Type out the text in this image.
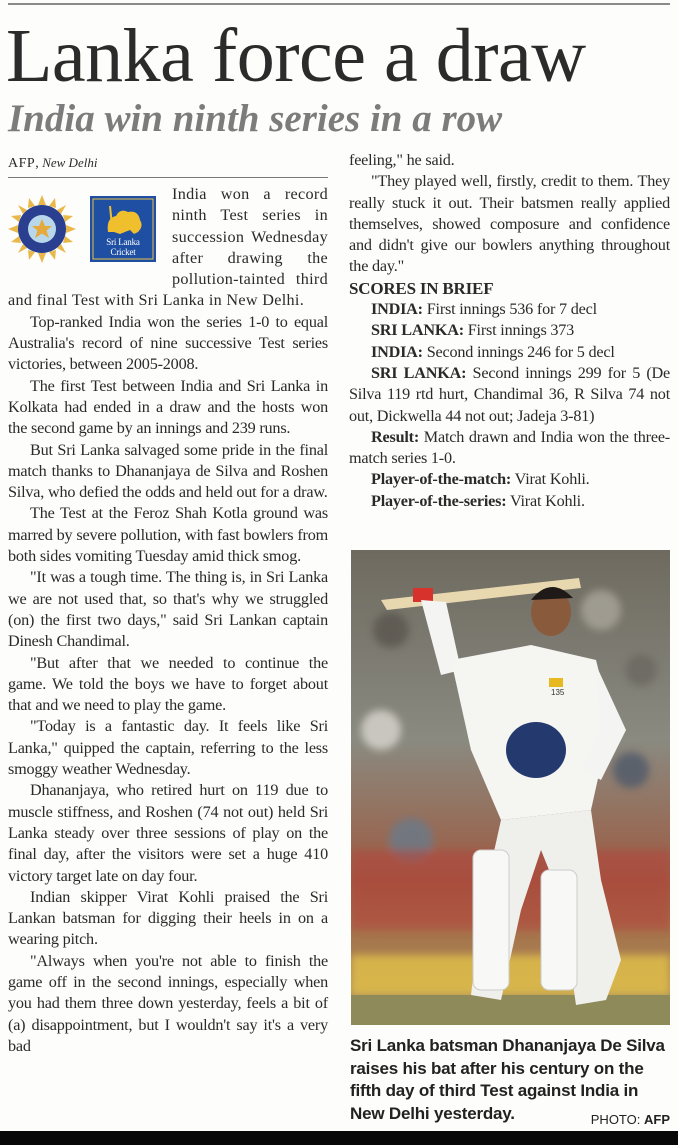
Lanka force a draw
India win ninth series in a row
AFP, New Delhi
Sri Lanka
Cricket

India won a record ninth Test series in succession Wednesday after drawing the pollution-tainted third and final Test with Sri Lanka in New Delhi.

Top-ranked India won the series 1-0 to equal Australia's record of nine successive Test series victories, between 2005-2008.

The first Test between India and Sri Lanka in Kolkata had ended in a draw and the hosts won the second game by an innings and 239 runs.

But Sri Lanka salvaged some pride in the final match thanks to Dhananjaya de Silva and Roshen Silva, who defied the odds and held out for a draw.

The Test at the Feroz Shah Kotla ground was marred by severe pollution, with fast bowlers from both sides vomiting Tuesday amid thick smog.

"It was a tough time. The thing is, in Sri Lanka we are not used that, so that's why we struggled (on) the first two days," said Sri Lankan captain Dinesh Chandimal.

"But after that we needed to continue the game. We told the boys we have to forget about that and we need to play the game.

"Today is a fantastic day. It feels like Sri Lanka," quipped the captain, referring to the less smoggy weather Wednesday.

Dhananjaya, who retired hurt on 119 due to muscle stiffness, and Roshen (74 not out) held Sri Lanka steady over three sessions of play on the final day, after the visitors were set a huge 410 victory target late on day four.

Indian skipper Virat Kohli praised the Sri Lankan batsman for digging their heels in on a wearing pitch.

"Always when you're not able to finish the game off in the second innings, especially when you had them three down yesterday, feels a bit of (a) disappointment, but I wouldn't say it's a very bad

feeling," he said.

"They played well, firstly, credit to them. They really stuck it out. Their batsmen really applied themselves, showed composure and confidence and didn't give our bowlers anything throughout the day."

SCORES IN BRIEF

INDIA: First innings 536 for 7 decl

SRI LANKA: First innings 373

INDIA: Second innings 246 for 5 decl

SRI LANKA: Second innings 299 for 5 (De Silva 119 rtd hurt, Chandimal 36, R Silva 74 not out, Dickwella 44 not out; Jadeja 3-81)

Result: Match drawn and India won the three-match series 1-0.

Player-of-the-match: Virat Kohli.

Player-of-the-series: Virat Kohli.

135
Sri Lanka batsman Dhananjaya De Silva raises his bat after his century on the fifth day of third Test against India in New Delhi yesterday.	PHOTO: AFP
